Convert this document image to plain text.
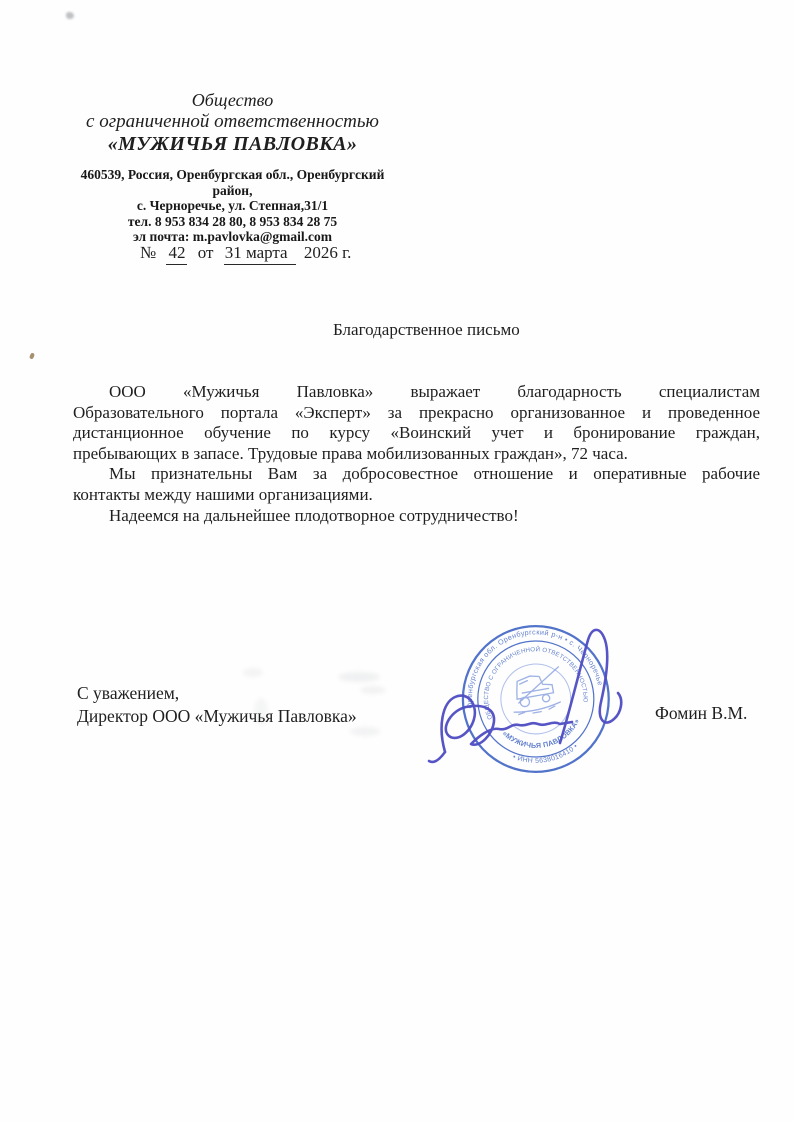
Общество
с ограниченной ответственностью
«МУЖИЧЬЯ ПАВЛОВКА»
460539, Россия, Оренбургская обл., Оренбургский район,
с. Черноречье, ул. Степная,31/1
тел. 8 953 834 28 80, 8 953 834 28 75
эл почта: m.pavlovka@gmail.com
№ 42 от 31 марта 2026 г.
Благодарственное письмо
ООО «Мужичья Павловка» выражает благодарность специалистам
Образовательного портала «Эксперт» за прекрасно организованное и проведенное
дистанционное обучение по курсу «Воинский учет и бронирование граждан,
пребывающих в запасе. Трудовые права мобилизованных граждан», 72 часа.
Мы признательны Вам за добросовестное отношение и оперативные рабочие
контакты между нашими организациями.
Надеемся на дальнейшее плодотворное сотрудничество!
С уважением,
Директор ООО «Мужичья Павловка»	Фомин В.М.
Оренбургская обл. Оренбургский р-н • с. Черноречье
• ИНН 5638016410 •
ОБЩЕСТВО С ОГРАНИЧЕННОЙ ОТВЕТСТВЕННОСТЬЮ
«МУЖИЧЬЯ ПАВЛОВКА»
